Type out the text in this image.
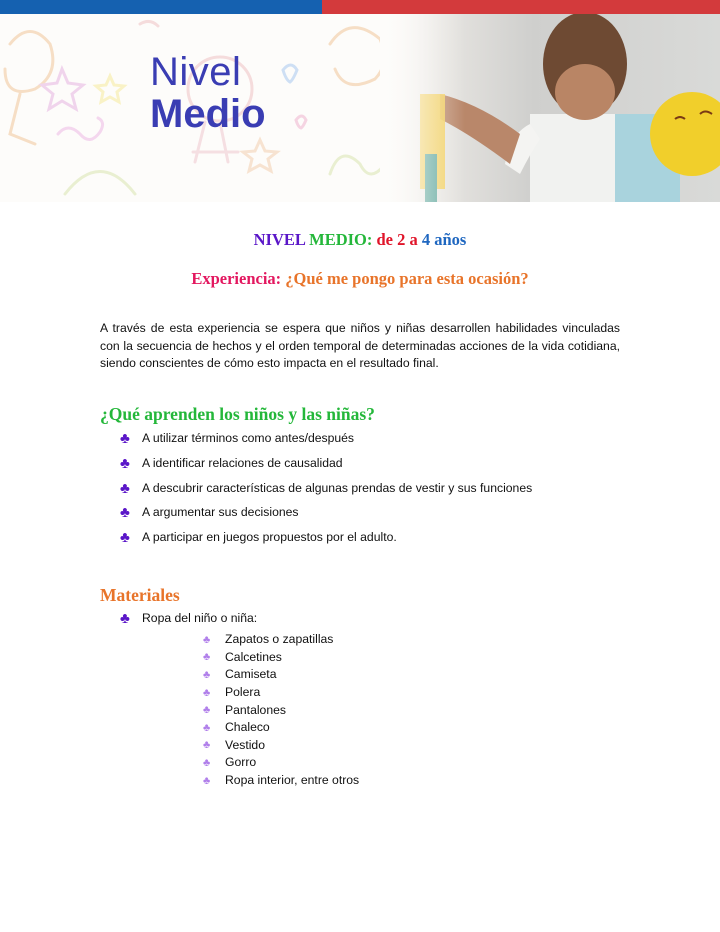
Nivel
Medio
NIVEL MEDIO: de 2 a 4 años
Experiencia: ¿Qué me pongo para esta ocasión?

A través de esta experiencia se espera que niños y niñas desarrollen habilidades vinculadas con la secuencia de hechos y el orden temporal de determinadas acciones de la vida cotidiana, siendo conscientes de cómo esto impacta en el resultado final.

¿Qué aprenden los niños y las niñas?
♣ A utilizar términos como antes/después
♣ A identificar relaciones de causalidad
♣ A descubrir características de algunas prendas de vestir y sus funciones
♣ A argumentar sus decisiones
♣ A participar en juegos propuestos por el adulto.
Materiales
♣ Ropa del niño o niña:
♣	Zapatos o zapatillas
♣	Calcetines
♣	Camiseta
♣	Polera
♣	Pantalones
♣	Chaleco
♣	Vestido
♣	Gorro
♣	Ropa interior, entre otros
